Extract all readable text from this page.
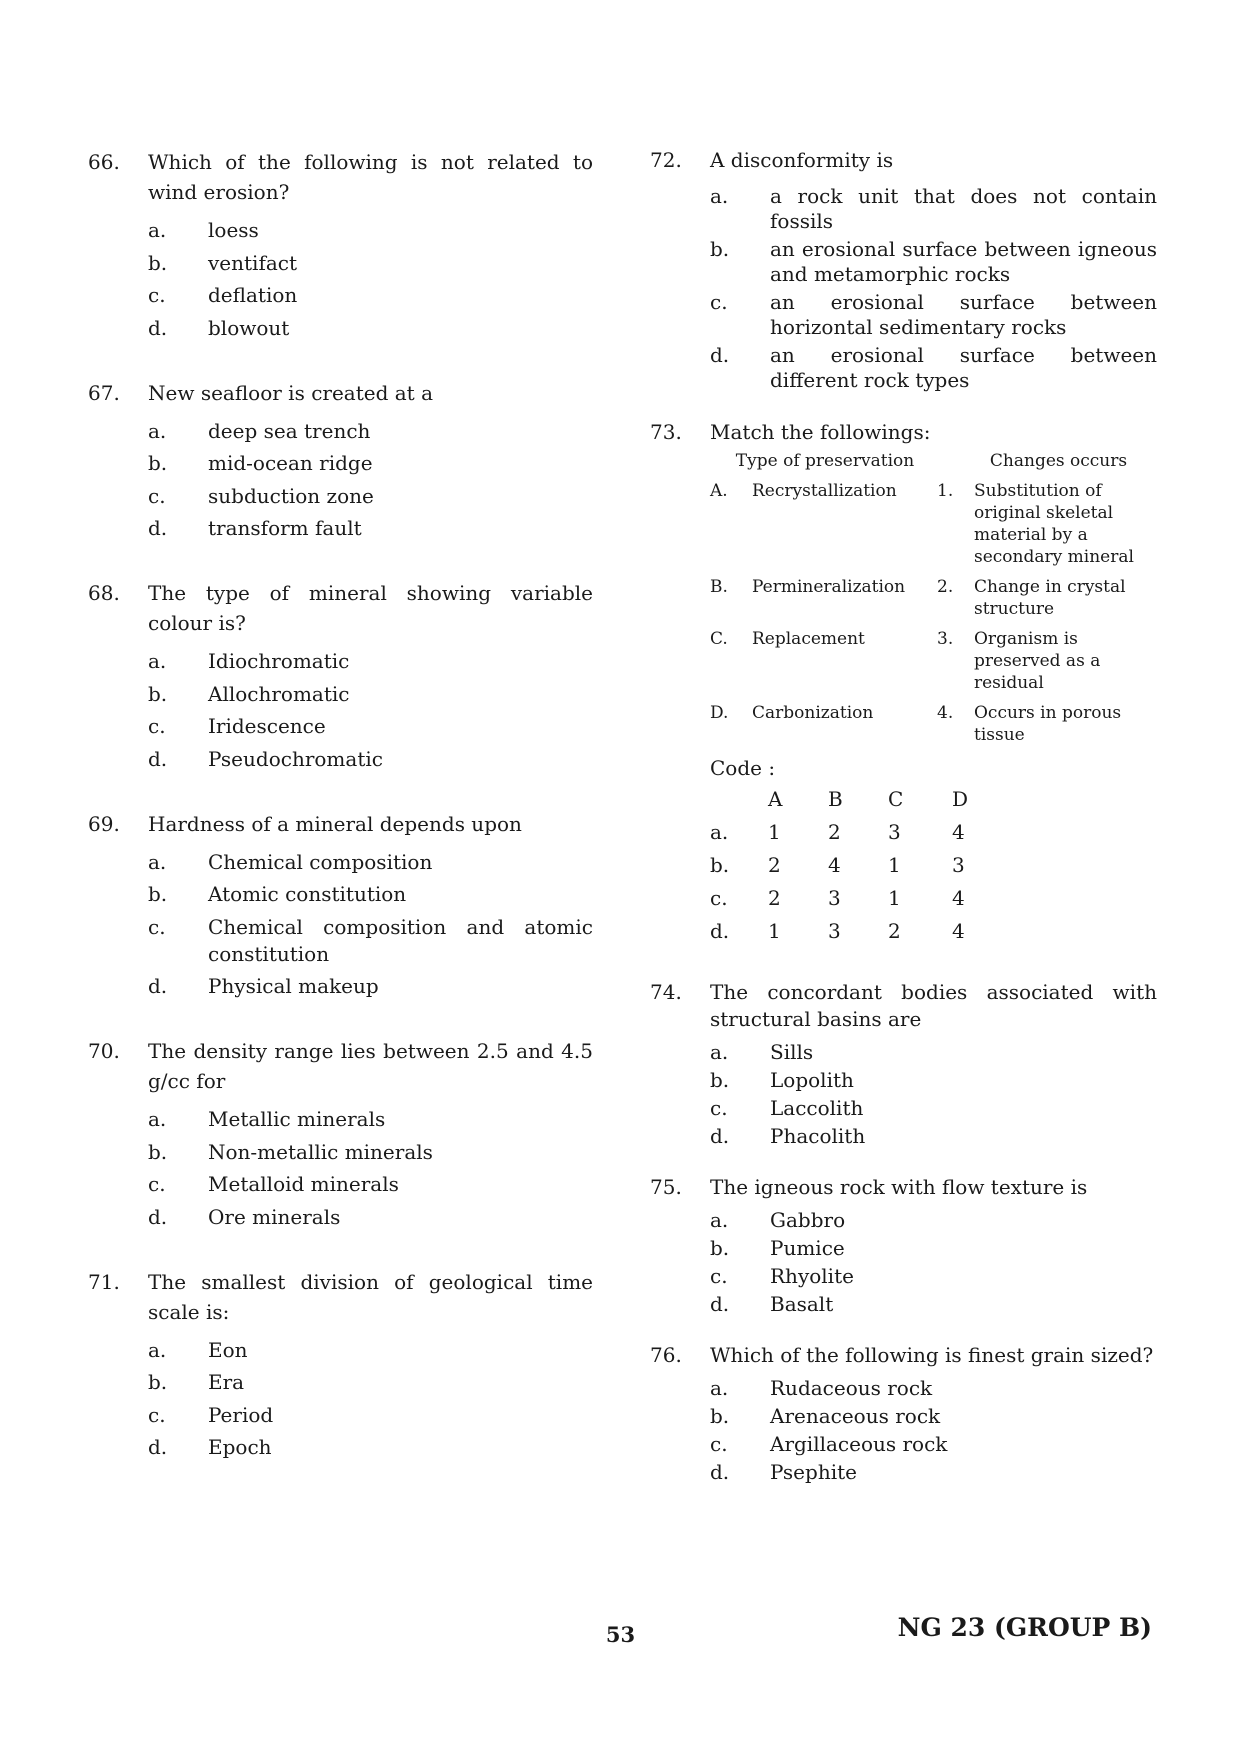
66.	Which of the following is not related to wind erosion?
a.	loess
b.	ventifact
c.	deflation
d.	blowout
67.	New seafloor is created at a
a.	deep sea trench
b.	mid-ocean ridge
c.	subduction zone
d.	transform fault
68.	The type of mineral showing variable colour is?
a.	Idiochromatic
b.	Allochromatic
c.	Iridescence
d.	Pseudochromatic
69.	Hardness of a mineral depends upon
a.	Chemical composition
b.	Atomic constitution
c.	Chemical composition and atomic constitution
d.	Physical makeup
70.	The density range lies between 2.5 and 4.5 g/cc for
a.	Metallic minerals
b.	Non-metallic minerals
c.	Metalloid minerals
d.	Ore minerals
71.	The smallest division of geological time scale is:
a.	Eon
b.	Era
c.	Period
d.	Epoch
72.	A disconformity is
a.	a rock unit that does not contain fossils
b.	an erosional surface between igneous and metamorphic rocks
c.	an erosional surface between horizontal sedimentary rocks
d.	an erosional surface between different rock types
73.	Match the followings:
Type of preservation	Changes occurs
A.	Recrystallization	1.	Substitution of original skeletal material by a secondary mineral
B.	Permineralization	2.	Change in crystal structure
C.	Replacement	3.	Organism is preserved as a residual
D.	Carbonization	4.	Occurs in porous tissue
Code :
A	B	C	D
a.	1	2	3	4
b.	2	4	1	3
c.	2	3	1	4
d.	1	3	2	4
74.	The concordant bodies associated with structural basins are
a.	Sills
b.	Lopolith
c.	Laccolith
d.	Phacolith
75.	The igneous rock with flow texture is
a.	Gabbro
b.	Pumice
c.	Rhyolite
d.	Basalt
76.	Which of the following is finest grain sized?
a.	Rudaceous rock
b.	Arenaceous rock
c.	Argillaceous rock
d.	Psephite
53	NG 23 (GROUP B)
